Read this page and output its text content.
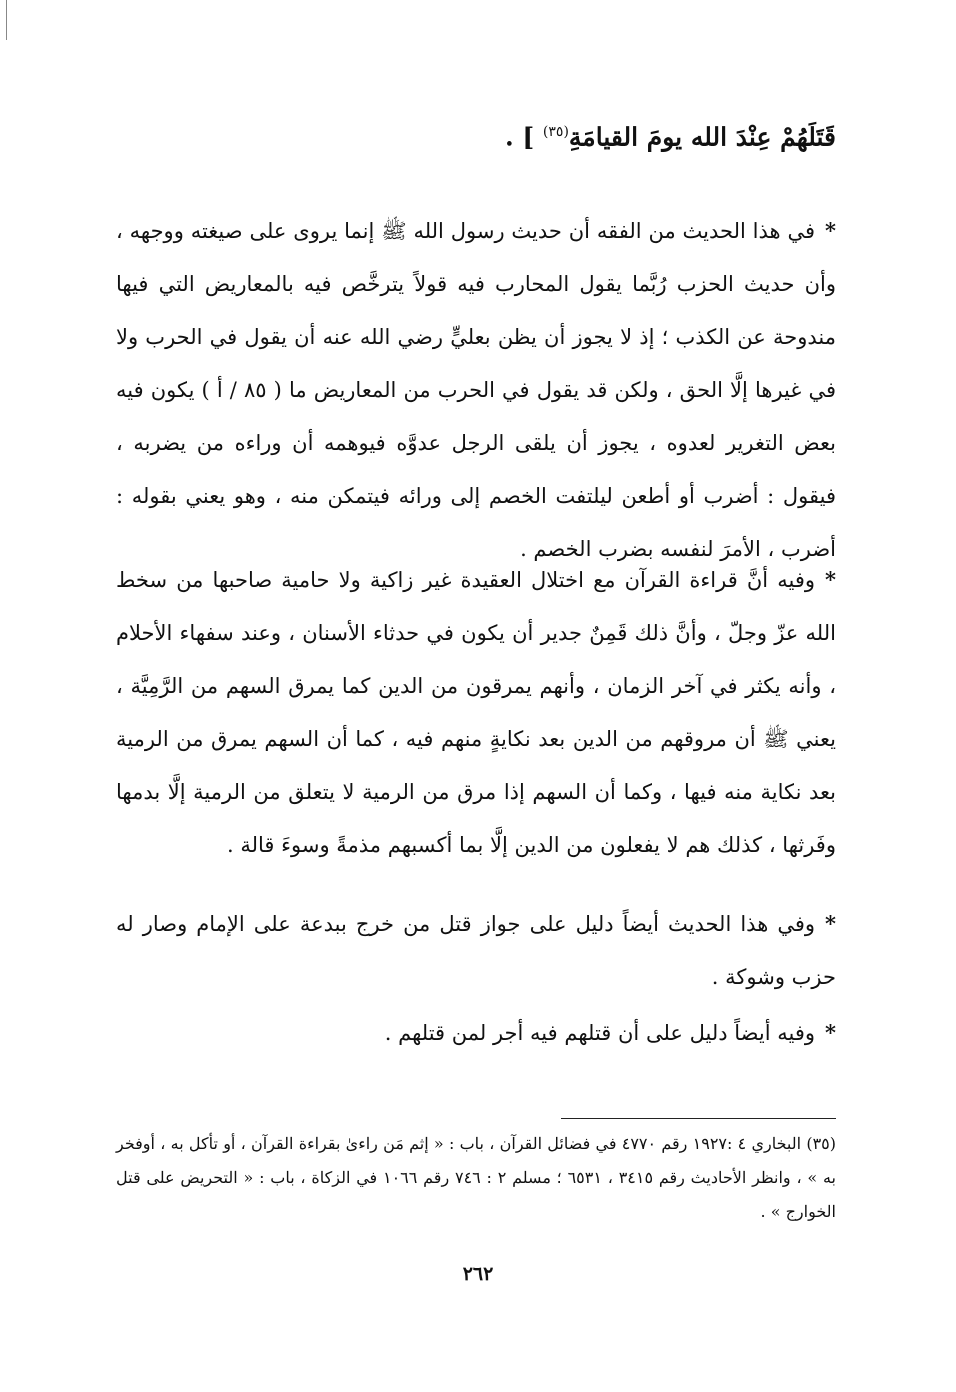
قَتَلَهُمْ عِنْدَ الله يومَ القيامَةِ$^{(٣٥)}$ ] .
*في هذا الحديث من الفقه أن حديث رسول الله ﷺ إنما يروى على صيغته ووجهه ، وأن حديث الحزب رُبَّما يقول المحارب فيه قولاً يترخَّص فيه بالمعاريض التي فيها مندوحة عن الكذب ؛ إذ لا يجوز أن يظن بعليٍّ رضي الله عنه أن يقول في الحرب ولا في غيرها إلَّا الحق ، ولكن قد يقول في الحرب من المعاريض ما ( ٨٥ / أ ) يكون فيه بعض التغرير لعدوه ، يجوز أن يلقى الرجل عدوَّه فيوهمه أن وراءه من يضربه ، فيقول : أضرب أو أطعن ليلتفت الخصم إلى ورائه فيتمكن منه ، وهو يعني بقوله : أضرب ، الأمرَ لنفسه بضرب الخصم .
*وفيه أنَّ قراءة القرآن مع اختلال العقيدة غير زاكية ولا حامية صاحبها من سخط الله عزّ وجلّ ، وأنَّ ذلك قَمِنٌ جدير أن يكون في حدثاء الأسنان ، وعند سفهاء الأحلام ، وأنه يكثر في آخر الزمان ، وأنهم يمرقون من الدين كما يمرق السهم من الرَّمِيَّة ، يعني ﷺ أن مروقهم من الدين بعد نكايةٍ منهم فيه ، كما أن السهم يمرق من الرمية بعد نكاية منه فيها ، وكما أن السهم إذا مرق من الرمية لا يتعلق من الرمية إلَّا بدمها وفَرثها ، كذلك هم لا يفعلون من الدين إلَّا بما أكسبهم مذمةً وسوءَ قالة .
*وفي هذا الحديث أيضاً دليل على جواز قتل من خرج ببدعة على الإمام وصار له حزب وشوكة .
*وفيه أيضاً دليل على أن قتلهم فيه أجر لمن قتلهم .
(٣٥) البخاري ٤ :١٩٢٧ رقم ٤٧٧٠ في فضائل القرآن ، باب : « إثم مَن راءىٰ بقراءة القرآن ، أو تأكل به ، أوفخر به » ، وانظر الأحاديث رقم ٣٤١٥ ، ٦٥٣١ ؛ مسلم ٢ : ٧٤٦ رقم ١٠٦٦ في الزكاة ، باب : « التحريض على قتل الخوارج » .
٢٦٢
